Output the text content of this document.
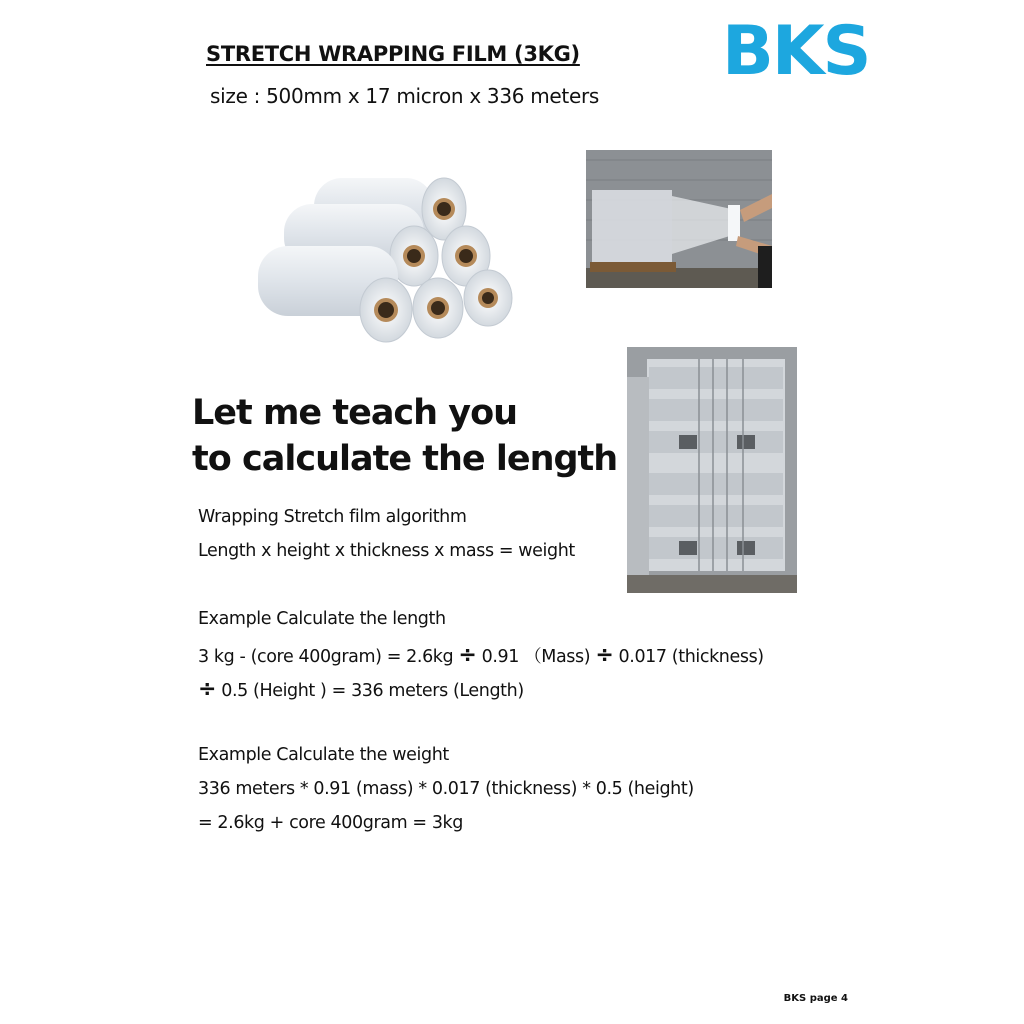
STRETCH WRAPPING FILM (3KG)
size : 500mm x 17 micron x 336 meters
BKS
Let me teach you
to calculate the length
Wrapping Stretch film algorithm
Length x height x thickness x mass = weight
Example Calculate the length
3 kg - (core 400gram) = 2.6kg ÷ 0.91 （Mass) ÷ 0.017 (thickness)
÷ 0.5 (Height ) = 336 meters (Length)
Example Calculate the weight
336 meters * 0.91 (mass) * 0.017 (thickness) * 0.5 (height)
= 2.6kg + core 400gram = 3kg
BKS page 4
